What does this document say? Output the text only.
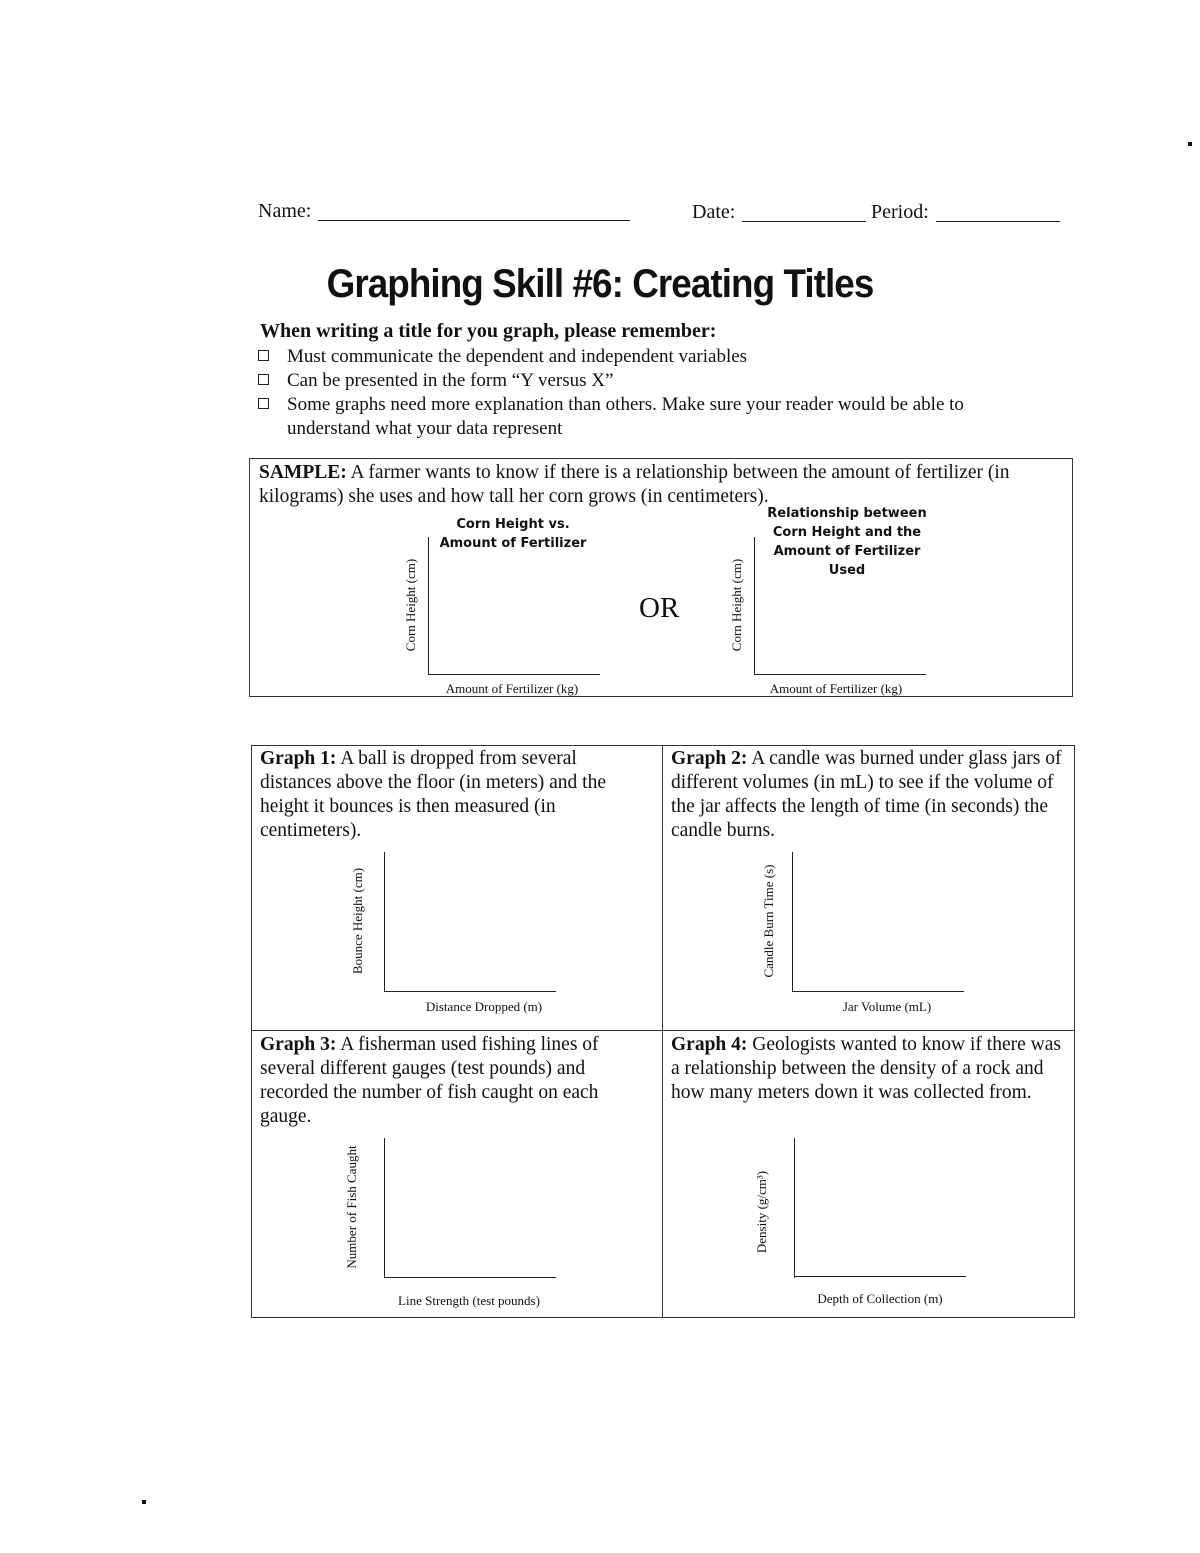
Name:	Date:	Period:
Graphing Skill #6: Creating Titles
When writing a title for you graph, please remember:
Must communicate the dependent and independent variables
Can be presented in the form “Y versus X”
Some graphs need more explanation than others. Make sure your reader would be able to understand what your data represent
SAMPLE: A farmer wants to know if there is a relationship between the amount of fertilizer (in kilograms) she uses and how tall her corn grows (in centimeters).
Corn Height vs. Amount of Fertilizer
Corn Height (cm)
Amount of Fertilizer (kg)
OR
Relationship between Corn Height and the Amount of Fertilizer Used
Corn Height (cm)
Amount of Fertilizer (kg)
Graph 1: A ball is dropped from several distances above the floor (in meters) and the height it bounces is then measured (in centimeters).
Bounce Height (cm)
Distance Dropped (m)
Graph 2: A candle was burned under glass jars of different volumes (in mL) to see if the volume of the jar affects the length of time (in seconds) the candle burns.
Candle Burn Time (s)
Jar Volume (mL)
Graph 3: A fisherman used fishing lines of several different gauges (test pounds) and recorded the number of fish caught on each gauge.
Number of Fish Caught
Line Strength (test pounds)
Graph 4: Geologists wanted to know if there was a relationship between the density of a rock and how many meters down it was collected from.
Density (g/cm³)
Depth of Collection (m)
